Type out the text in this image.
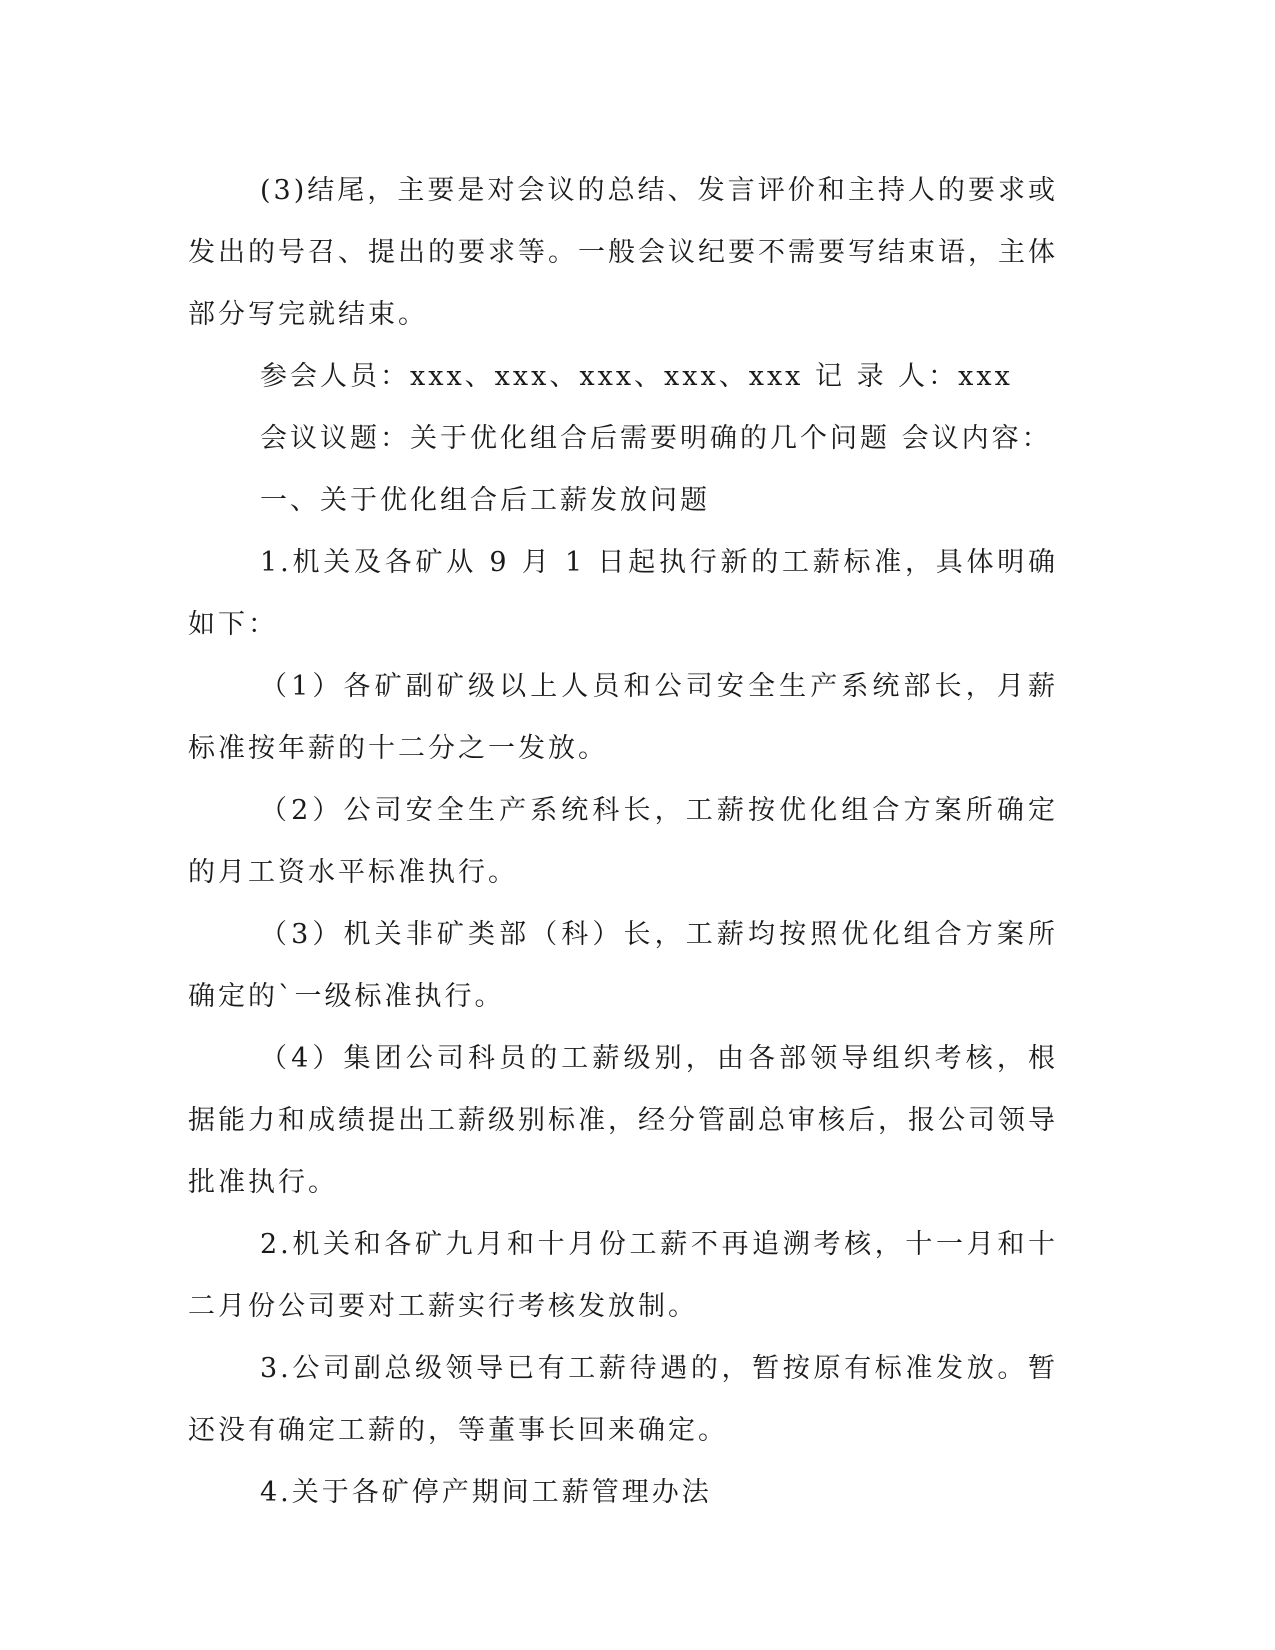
(3)结尾，主要是对会议的总结、发言评价和主持人的要求或发出的号召、提出的要求等。一般会议纪要不需要写结束语，主体部分写完就结束。

参会人员：xxx、xxx、xxx、xxx、xxx 记 录 人：xxx

会议议题：关于优化组合后需要明确的几个问题 会议内容：

一、关于优化组合后工薪发放问题

1.机关及各矿从 9 月 1 日起执行新的工薪标准，具体明确如下：

（1）各矿副矿级以上人员和公司安全生产系统部长，月薪标准按年薪的十二分之一发放。

（2）公司安全生产系统科长，工薪按优化组合方案所确定的月工资水平标准执行。

（3）机关非矿类部（科）长，工薪均按照优化组合方案所确定的`一级标准执行。

（4）集团公司科员的工薪级别，由各部领导组织考核，根据能力和成绩提出工薪级别标准，经分管副总审核后，报公司领导批准执行。

2.机关和各矿九月和十月份工薪不再追溯考核，十一月和十二月份公司要对工薪实行考核发放制。

3.公司副总级领导已有工薪待遇的，暂按原有标准发放。暂还没有确定工薪的，等董事长回来确定。

4.关于各矿停产期间工薪管理办法
